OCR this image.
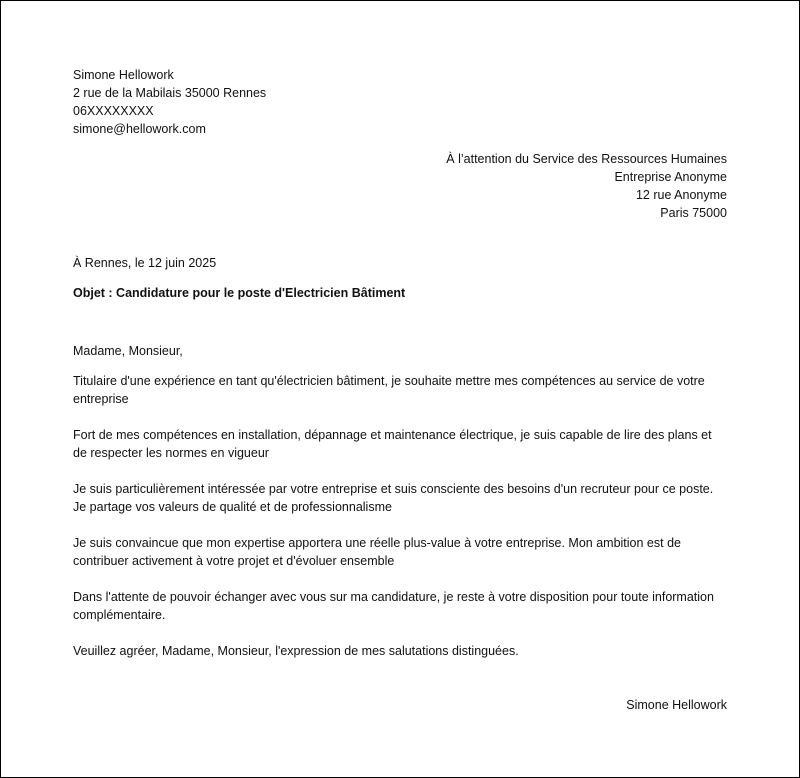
Simone Hellowork
2 rue de la Mabilais 35000 Rennes
06XXXXXXXX
simone@hellowork.com
À l’attention du Service des Ressources Humaines
Entreprise Anonyme
12 rue Anonyme
Paris 75000
À Rennes, le 12 juin 2025
Objet : Candidature pour le poste d'Electricien Bâtiment
Madame, Monsieur,

Titulaire d'une expérience en tant qu'électricien bâtiment, je souhaite mettre mes compétences au service de votre entreprise

Fort de mes compétences en installation, dépannage et maintenance électrique, je suis capable de lire des plans et de respecter les normes en vigueur

Je suis particulièrement intéressée par votre entreprise et suis consciente des besoins d'un recruteur pour ce poste. Je partage vos valeurs de qualité et de professionnalisme

Je suis convaincue que mon expertise apportera une réelle plus-value à votre entreprise. Mon ambition est de contribuer activement à votre projet et d'évoluer ensemble

Dans l'attente de pouvoir échanger avec vous sur ma candidature, je reste à votre disposition pour toute information complémentaire.

Veuillez agréer, Madame, Monsieur, l'expression de mes salutations distinguées.

Simone Hellowork
